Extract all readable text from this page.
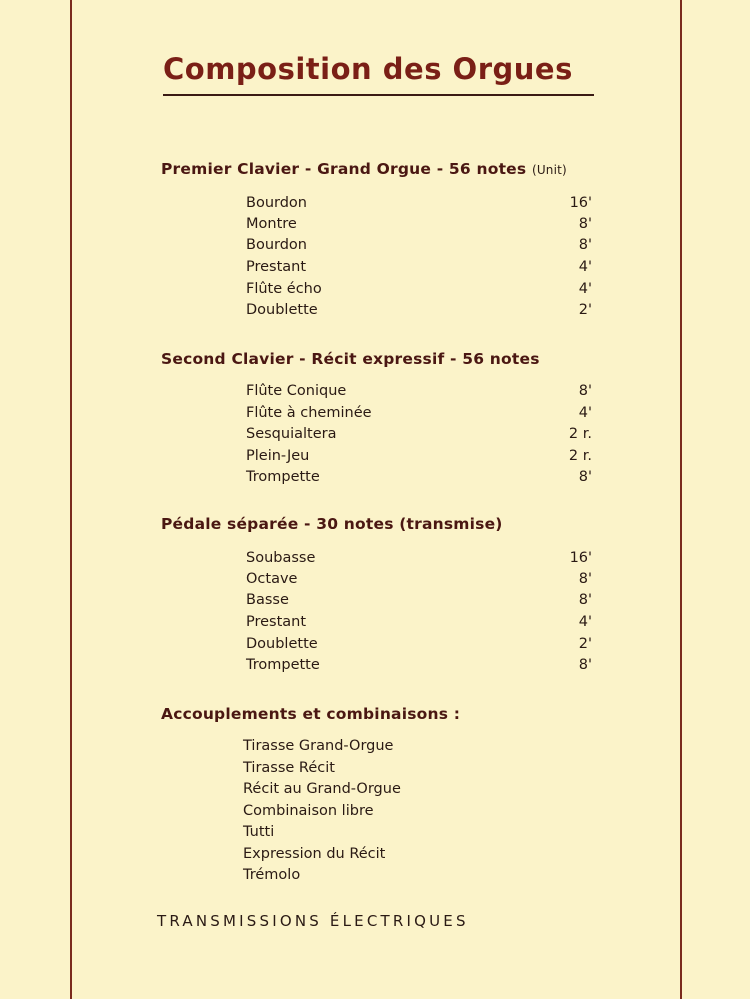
Composition des Orgues
Premier Clavier - Grand Orgue - 56 notes (Unit)
Bourdon	16'
Montre	8'
Bourdon	8'
Prestant	4'
Flûte écho	4'
Doublette	2'
Second Clavier - Récit expressif - 56 notes
Flûte Conique	8'
Flûte à cheminée	4'
Sesquialtera	2 r.
Plein-Jeu	2 r.
Trompette	8'
Pédale séparée - 30 notes (transmise)
Soubasse	16'
Octave	8'
Basse	8'
Prestant	4'
Doublette	2'
Trompette	8'
Accouplements et combinaisons :
Tirasse Grand-Orgue
Tirasse Récit
Récit au Grand-Orgue
Combinaison libre
Tutti
Expression du Récit
Trémolo
TRANSMISSIONS ÉLECTRIQUES
